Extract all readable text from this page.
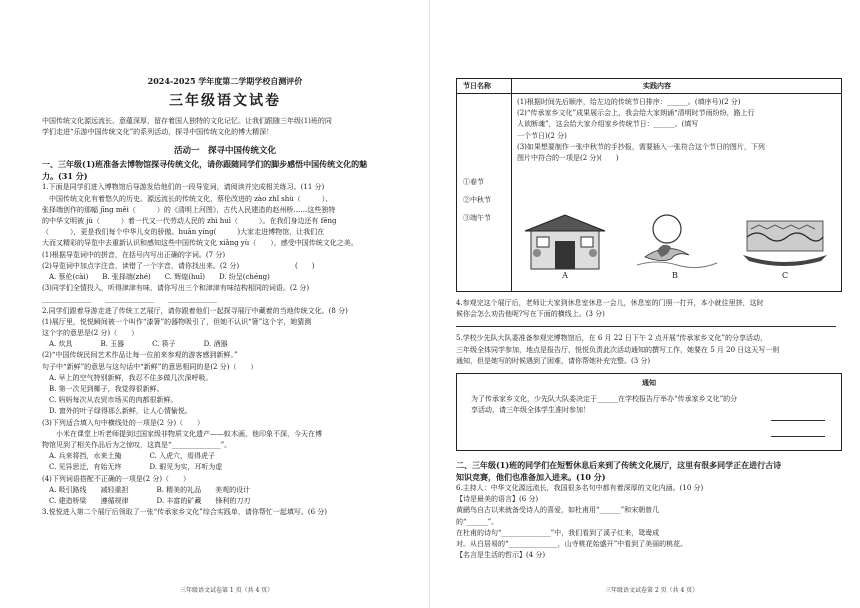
2024-2025 学年度第二学期学校自测评价
三年级语文试卷
中国传统文化源远流长、意蕴深厚，留存着国人独特的文化记忆。让我们跟随三年级(1)班的同
学们走进“乐游中国传统文化”的系列活动，探寻中国传统文化的博大精深！
活动一　探寻中国传统文化
一、三年级(1)班准备去博物馆探寻传统文化，请你跟随同学们的脚步感悟中国传统文化的魅
力。(31 分)
1.下面是同学们进入博物馆后导游发给他们的一段导览词，请阅读并完成相关练习。(11 分)
　中国传统文化有着悠久的历史。源远流长的传统文化，蔡伦改进的 zào zhǐ shù（　　　）、
张择端创作的那幅 jīng měi（　　　）的《清明上河图》，古代人民建造的赵州桥……这些独特
的中华文明被 jù（　　　）着一代又一代劳动人民的 zhì huì（　　　）。在我们身边还有 fēng
（　　　），更是我们每个中华儿女的骄傲。huān yíng(　　　)大家走进博物馆，让我们在
大而又精彩的导览中去重新认识和感知这些中国传统文化 xiǎng yù（　　），感受中国传统文化之美。
(1)根据导览词中的拼音，在括号内写出正确的字词。(7 分)
(2)导览词中加点字注音，读错了一个字音，请你找出来。(2 分)　　　　　　　　(　　)
　A. 蔡伦(cài)　　B. 张择端(zhé)　　C. 辉煌(huī)　　D. 纷呈(chéng)
(3)同学们全情投入，听得津津有味，请你写出三个和津津有味结构相同的词语。(2 分)
______________　　______________　　______________
2.同学们跟着导游走进了传统工艺展厅，请你跟着他们一起探寻展厅中藏着的当地传统文化。(8 分)
(1)展厅里，悦悦瞬间被一个叫作“漆箸”的器物吸引了，但她不认识“箸”这个字，她猜测
这个字的意思是(2 分)（　　）
　A. 炊具　　　　B. 玉器　　　　C. 筷子　　　　D. 酒器
(2)“中国传统民间艺术作品让每一位前来参观的游客感到新鲜。”
句子中“新鲜”的意思与这句话中“新鲜”的意思相同的是(2 分)（　　）
　A. 早上的空气特别新鲜，我忍不住多做几次深呼吸。
　B. 第一次见到椰子，我觉得很新鲜。
　C. 妈妈每次从农贸市场买的肉都很新鲜。
　D. 窗外的叶子绿得那么新鲜，让人心情愉悦。
(3)下列适合填入句中横线处的一项是(2 分)（　　）
　　小米在课堂上听老师提到过国家级非物质文化遗产——蚁木画，他印象不深，今天在博
物馆见到了相关作品后为之惊叹，这真是“______________”。
　A. 兵来将挡，水来土掩　　　　C. 入虎穴，焉得虎子
　C. 见异思迁，有始无终　　　　D. 眼见为实，耳听为虚
(4)下列词语搭配不正确的一项是(2 分)（　　）
　A. 吸引路线　　减轻重担　　　　B. 精美的礼品　　美观的设计
　C. 建造桥梁　　遵循规律　　　　D. 丰富的矿藏　　锋利的刀刃
3.悦悦进入第二个展厅后领取了一张“传承家乡文化”综合实践单，请你帮忙一起填写。(6 分)
三年级语文试卷第 1 页（共 4 页）
节日名称	实践内容
①春节
②中秋节
③端午节
(1)根据时间先后顺序，给左边的传统节日排序：______。(填序号)(2 分)
(2)“传承家乡文化”成果展示会上，我会给大家朗诵“清明时节雨纷纷，路上行
人欲断魂”，这会给大家介绍家乡传统节日：______。(填写
一个节日)(2 分)
(3)如果想要制作一张中秋节的手抄报，需要插入一张符合这个节日的图片，下列
图片中符合的一项是(2 分)(　　)
A	B	C
4.参观完这个展厅后，老师让大家到休息室休息一会儿，休息室的门照一打开，本小就往里挤，这时
候你会怎么劝告他呢?写在下面的横线上。(3 分)
5.学校少先队大队委准备参观完博物馆后，在 6 月 22 日下午 2 点开展“传承家乡文化”的分享活动，
三年级全体同学参加，地点是报告厅，悦悦负责此次活动通知的撰写工作，她要在 5 月 20 日这天写一则
通知，但是她写的时候遇到了困难，请你帮她补充完整。(3 分)
通知
为了传承家乡文化，少先队大队委决定于______在学校报告厅举办“传承家乡文化”的分
享活动，请三年级全体学生准时参加！
二、三年级(1)班的同学们在短暂休息后来到了传统文化展厅，这里有很多同学正在进行古诗
知识竞赛，他们也准备加入进来。(10 分)
6.主持人：中华文化源远流长，我国很多名句中都有着深厚的文化内涵。(10 分)
【诗是最美的语言】(6 分)
黄鹂鸟自古以来就备受诗人的喜爱，如杜甫用“______”和宋朝曾几
的“______”。
在杜甫的诗句“______________”中，我们看到了溪子红来，鸳鸯成
对。从白居易的“______________，山寺桃花始盛开”中看到了美丽的桃花。
【名言是生活的哲示】(4 分)
三年级语文试卷第 2 页（共 4 页）
